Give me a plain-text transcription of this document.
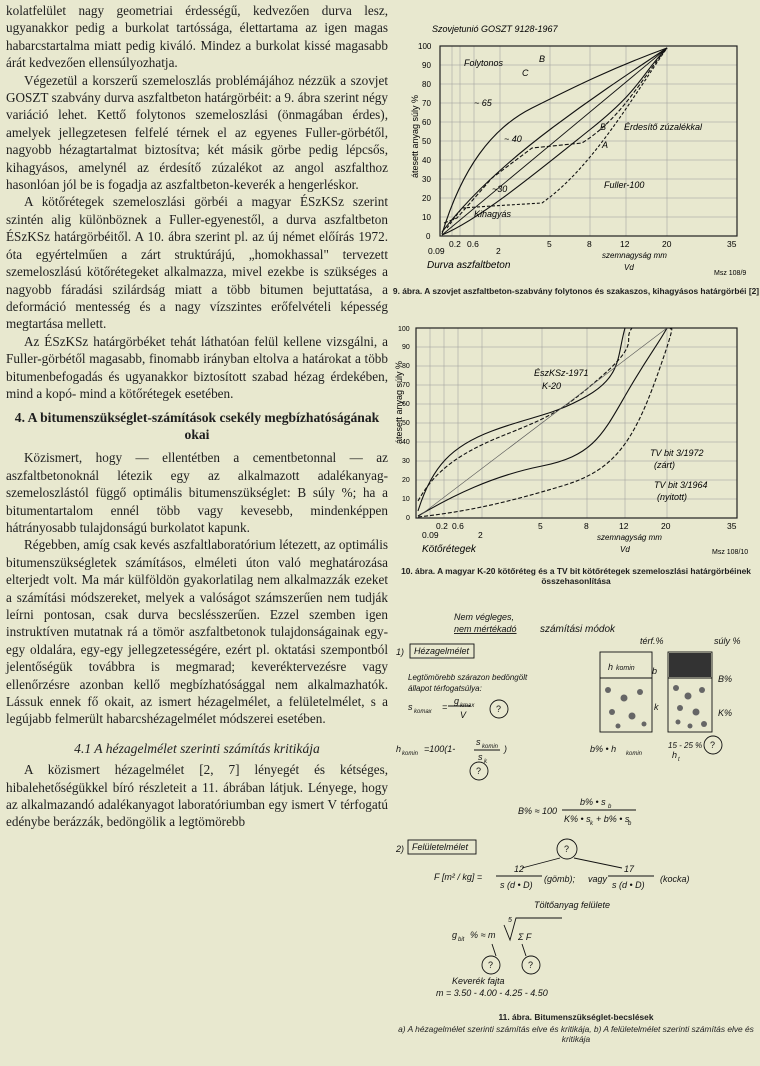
kolatfelület nagy geometriai érdességű, kedvezően durva lesz, ugyanakkor pedig a burkolat tartóssága, élettartama az igen magas habarcstartalma miatt pedig kiváló. Mindez a burkolat kissé magasabb árát kedvezően ellensúlyozhatja.

Végezetül a korszerű szemeloszlás problémájához nézzük a szovjet GOSZT szabvány durva aszfaltbeton határgörbéit: a 9. ábra szerint négy variáció lehet. Kettő folytonos szemeloszlási (önmagában érdes), amelyek jellegzetesen felfelé térnek el az egyenes Fuller-görbétől, nagyobb hézagtartalmat biztosítva; két másik görbe pedig lépcsős, kihagyásos, amelynél az érdesítő zúzalékot az angol aszfalthoz hasonlóan jól be is fogadja az aszfaltbeton-keverék a hengerléskor.

A kötőrétegek szemeloszlási görbéi a magyar ÉSzKSz szerint szintén alig különböznek a Fuller-egyenestől, a durva aszfaltbeton ÉSzKSz határgörbéitől. A 10. ábra szerint pl. az új német előírás 1972. óta egyértelműen a zárt struktúrájú, „homokhassal" tervezett szemeloszlású kötőrétegeket alkalmazza, mivel ezekbe is szükséges a nagyobb fáradási szilárdság miatt a több bitumen bejuttatása, a deformáció mentesség és a nagy vízszintes erőfelvételi képesség megtartása mellett.

Az ÉSzKSz határgörbéket tehát láthatóan felül kellene vizsgálni, a Fuller-görbétől magasabb, finomabb irányban eltolva a határokat a több bitumenbefogadás és ugyanakkor biztosított szabad hézag érdekében, mind a kopó- mind a kötőrétegek esetében.

4. A bitumenszükséglet-számítások csekély megbízhatóságának okai

Közismert, hogy — ellentétben a cementbetonnal — az aszfaltbetonoknál létezik egy az alkalmazott adalékanyag-szemeloszlástól függő optimális bitumenszükséglet: B súly %; ha a bitumentartalom ennél több vagy kevesebb, mindenképpen hátrányosabb tulajdonságú burkolatot kapunk.

Régebben, amíg csak kevés aszfaltlaboratórium létezett, az optimális bitumenszükségletek számításos, elméleti úton való meghatározása elterjedt volt. Ma már külföldön gyakorlatilag nem alkalmazzák ezeket a számítási módszereket, melyek a valóságot számszerűen nem tudják leírni pontosan, csak durva becslésszerűen. Ezzel szemben igen instruktíven mutatnak rá a tömör aszfaltbetonok tulajdonságainak egy-egy oldalára, egy-egy jellegzetességére, ezért pl. oktatási szempontból jelentőségük továbbra is megmarad; keveréktervezésre vagy ellenőrzésre azonban kellő megbízhatósággal nem alkalmazhatók. Lássuk ennek fő okait, az ismert hézagelmélet, a felületelmélet, s a legújabb felmerült habarcshézagelmélet módszerei esetében.

4.1 A hézagelmélet szerinti számítás kritikája

A közismert hézagelmélet [2, 7] lényegét és kétséges, hibalehetőségükkel bíró részleteit a 11. ábrában látjuk. Lényege, hogy az alkalmazandó adalékanyagot laboratóriumban egy ismert V térfogatú edénybe berázzák, bedöngölik a legtömörebb

Szovjetunió GOSZT 9128-1967
átesett anyag súly %
0
10
20
30
40
50
60
70
80
90
100
0.09
0.2 0.6
2
5	8	12	20	35
Durva aszfaltbeton
szemnagyság mm
Vd
Msz 108/9
B
C
Folytonos
B
A
Érdesítő zúzalékkal
Fuller-100
Kihagyás
~ 65
~ 40
~30
9. ábra. A szovjet aszfaltbeton-szabvány folytonos és szakaszos, kihagyásos határgörbéi [2]
átesett anyag súly %
0
10
20
30
40
50
60
70
80
90
100
0.09
0.2 0.6
2
5	8	12	20	35
Kötőrétegek
szemnagyság mm
Vd	Msz 108/10
ÉszKSz-1971
K-20
TV bit 3/1972
(zárt)
TV bit 3/1964
(nyitott)
10. ábra. A magyar K-20 kötőréteg és a TV bit kötőrétegek szemeloszlási határgörbéinek összehasonlítása
Nem végleges,
nem mértékadó számítási módok
1) Hézagelmélet
Legtömörebb szárazon bedöngölt
állapot térfogatsúlya:
s komax =
g kmax
V
?
h komin =100(1-
s komin
s k
)
?
térf.%	súly %
h komin b
B%
K%
k
15 - 25 %
b% • h komin	h t
?
B% ≈ 100
b% • s b
K% • s k + b% • s
b
2) Felületelmélet	?
F [m² / kg] =
12
s (d • D)
(gömb); vagy
17
s (d • D)
(kocka)
Töltőanyag felülete
g bit % ≈ m
5
Σ F
?	?
Keverék fajta
m = 3.50 - 4.00 - 4.25 - 4.50
11. ábra. Bitumenszükséglet-becslések
a) A hézagelmélet szerinti számítás elve és kritikája, b) A felületelmélet szerinti számítás elve és kritikája
